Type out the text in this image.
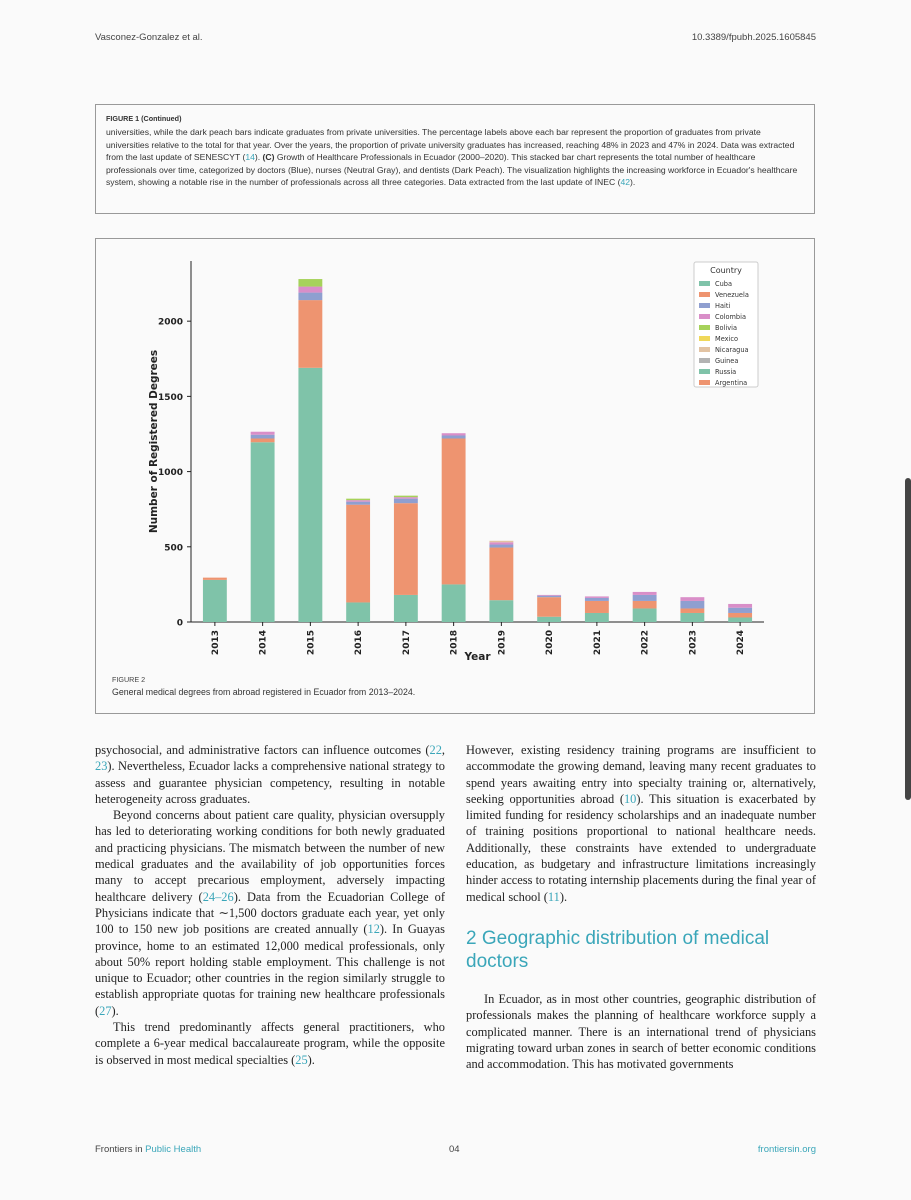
Vasconez-Gonzalez et al.	10.3389/fpubh.2025.1605845
FIGURE 1 (Continued)
universities, while the dark peach bars indicate graduates from private universities. The percentage labels above each bar represent the proportion of graduates from private universities relative to the total for that year. Over the years, the proportion of private university graduates has increased, reaching 48% in 2023 and 47% in 2024. Data was extracted from the last update of SENESCYT (14). (C) Growth of Healthcare Professionals in Ecuador (2000–2020). This stacked bar chart represents the total number of healthcare professionals over time, categorized by doctors (Blue), nurses (Neutral Gray), and dentists (Dark Peach). The visualization highlights the increasing workforce in Ecuador's healthcare system, showing a notable rise in the number of professionals across all three categories. Data extracted from the last update of INEC (42).
0
500
1000
1500
2000
2013	2014	2015	2016	2017	2018	2019	2020	2021	2022	2023	2024
Year
Number of Registered Degrees
Country
Cuba
Venezuela
Haiti
Colombia
Bolivia
Mexico
Nicaragua
Guinea
Russia
Argentina
FIGURE 2
General medical degrees from abroad registered in Ecuador from 2013–2024.

psychosocial, and administrative factors can influence outcomes (22, 23). Nevertheless, Ecuador lacks a comprehensive national strategy to assess and guarantee physician competency, resulting in notable heterogeneity across graduates.

Beyond concerns about patient care quality, physician oversupply has led to deteriorating working conditions for both newly graduated and practicing physicians. The mismatch between the number of new medical graduates and the availability of job opportunities forces many to accept precarious employment, adversely impacting healthcare delivery (24–26). Data from the Ecuadorian College of Physicians indicate that ∼1,500 doctors graduate each year, yet only 100 to 150 new job positions are created annually (12). In Guayas province, home to an estimated 12,000 medical professionals, only about 50% report holding stable employment. This challenge is not unique to Ecuador; other countries in the region similarly struggle to establish appropriate quotas for training new healthcare professionals (27).

This trend predominantly affects general practitioners, who complete a 6-year medical baccalaureate program, while the opposite is observed in most medical specialties (25).

However, existing residency training programs are insufficient to accommodate the growing demand, leaving many recent graduates to spend years awaiting entry into specialty training or, alternatively, seeking opportunities abroad (10). This situation is exacerbated by limited funding for residency scholarships and an inadequate number of training positions proportional to national healthcare needs. Additionally, these constraints have extended to undergraduate education, as budgetary and infrastructure limitations increasingly hinder access to rotating internship placements during the final year of medical school (11).

2 Geographic distribution of medical doctors

In Ecuador, as in most other countries, geographic distribution of professionals makes the planning of healthcare workforce supply a complicated manner. There is an international trend of physicians migrating toward urban zones in search of better economic conditions and accommodation. This has motivated governments

Frontiers in Public Health	04	frontiersin.org
